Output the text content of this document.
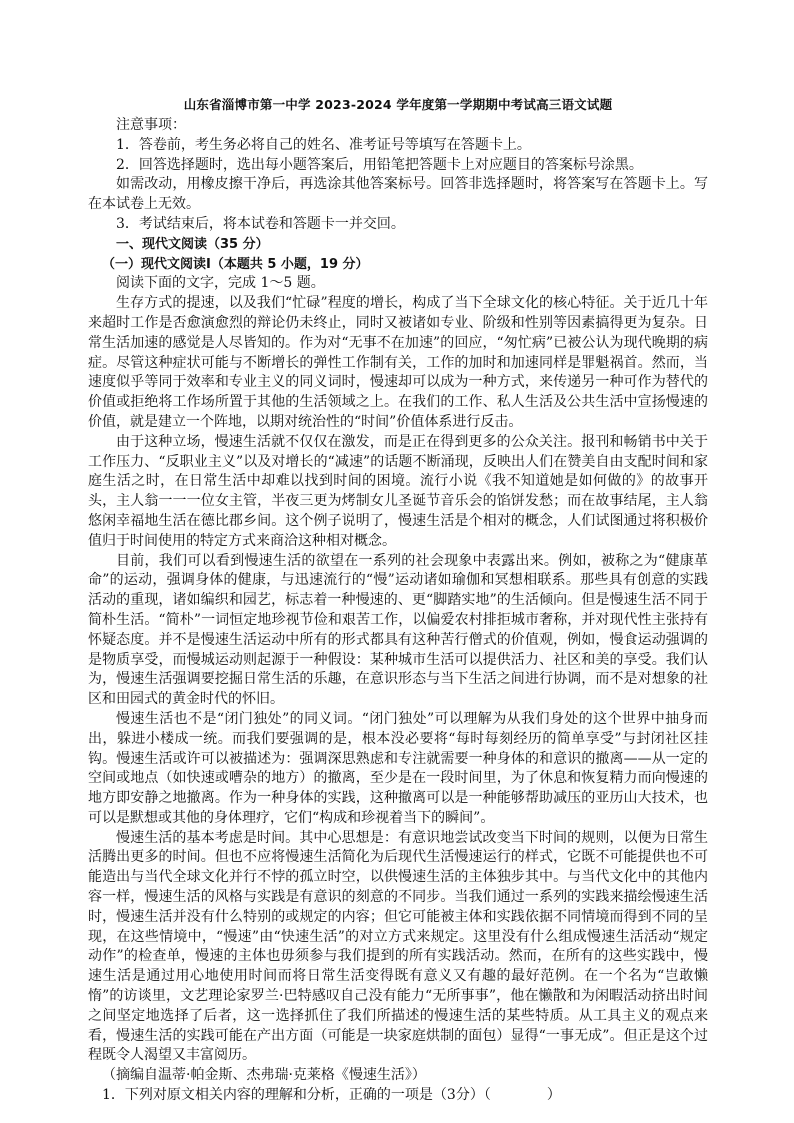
山东省淄博市第一中学 2023-2024 学年度第一学期期中考试高三语文试题

注意事项：

1．答卷前，考生务必将自己的姓名、准考证号等填写在答题卡上。

2．回答选择题时，选出每小题答案后，用铅笔把答题卡上对应题目的答案标号涂黑。

如需改动，用橡皮擦干净后，再选涂其他答案标号。回答非选择题时，将答案写在答题卡上。写在本试卷上无效。

3．考试结束后，将本试卷和答题卡一并交回。

一、现代文阅读（35 分）

（一）现代文阅读Ⅰ（本题共 5 小题，19 分）

阅读下面的文字，完成 1～5 题。

生存方式的提速，以及我们“忙碌”程度的增长，构成了当下全球文化的核心特征。关于近几十年来超时工作是否愈演愈烈的辩论仍未终止，同时又被诸如专业、阶级和性别等因素搞得更为复杂。日常生活加速的感觉是人尽皆知的。作为对“无事不在加速”的回应，“匆忙病”已被公认为现代晚期的病症。尽管这种症状可能与不断增长的弹性工作制有关，工作的加时和加速同样是罪魁祸首。然而，当速度似乎等同于效率和专业主义的同义词时，慢速却可以成为一种方式，来传递另一种可作为替代的价值或拒绝将工作场所置于其他的生活领域之上。在我们的工作、私人生活及公共生活中宣扬慢速的价值，就是建立一个阵地，以期对统治性的“时间”价值体系进行反击。

由于这种立场，慢速生活就不仅仅在激发，而是正在得到更多的公众关注。报刊和畅销书中关于工作压力、“反职业主义”以及对增长的“减速”的话题不断涌现，反映出人们在赞美自由支配时间和家庭生活之时，在日常生活中却难以找到时间的困境。流行小说《我不知道她是如何做的》的故事开头，主人翁一一一位女主管，半夜三更为烤制女儿圣诞节音乐会的馅饼发愁；而在故事结尾，主人翁悠闲幸福地生活在德比郡乡间。这个例子说明了，慢速生活是个相对的概念，人们试图通过将积极价值归于时间使用的特定方式来商洽这种相对概念。

目前，我们可以看到慢速生活的欲望在一系列的社会现象中表露出来。例如，被称之为“健康革命”的运动，强调身体的健康，与迅速流行的“慢”运动诸如瑜伽和冥想相联系。那些具有创意的实践活动的重现，诸如编织和园艺，标志着一种慢速的、更“脚踏实地”的生活倾向。但是慢速生活不同于简朴生活。“简朴”一词恒定地珍视节俭和艰苦工作，以偏爱农村排拒城市奢称，并对现代性主张持有怀疑态度。并不是慢速生活运动中所有的形式都具有这种苦行僧式的价值观，例如，慢食运动强调的是物质享受，而慢城运动则起源于一种假设：某种城市生活可以提供活力、社区和美的享受。我们认为，慢速生活强调要挖掘日常生活的乐趣，在意识形态与当下生活之间进行协调，而不是对想象的社区和田园式的黄金时代的怀旧。

慢速生活也不是“闭门独处”的同义词。“闭门独处”可以理解为从我们身处的这个世界中抽身而出，躲进小楼成一统。而我们要强调的是，根本没必要将“每时每刻经历的简单享受”与封闭社区挂钩。慢速生活或许可以被描述为：强调深思熟虑和专注就需要一种身体的和意识的撤离——从一定的空间或地点（如快速或嘈杂的地方）的撤离，至少是在一段时间里，为了休息和恢复精力而向慢速的地方即安静之地撤离。作为一种身体的实践，这种撤离可以是一种能够帮助减压的亚历山大技术，也可以是默想或其他的身体理疗，它们“构成和珍视着当下的瞬间”。

慢速生活的基本考虑是时间。其中心思想是：有意识地尝试改变当下时间的规则，以便为日常生活腾出更多的时间。但也不应将慢速生活简化为后现代生活慢速运行的样式，它既不可能提供也不可能造出与当代全球文化并行不悖的孤立时空，以供慢速生活的主体独步其中。与当代文化中的其他内容一样，慢速生活的风格与实践是有意识的刻意的不同步。当我们通过一系列的实践来描绘慢速生活时，慢速生活并没有什么特别的或规定的内容；但它可能被主体和实践依据不同情境而得到不同的呈现，在这些情境中，“慢速”由“快速生活”的对立方式来规定。这里没有什么组成慢速生活活动“规定动作”的检查单，慢速的主体也毋须参与我们提到的所有实践活动。然而，在所有的这些实践中，慢速生活是通过用心地使用时间而将日常生活变得既有意义又有趣的最好范例。在一个名为“岂敢懒惰”的访谈里，文艺理论家罗兰·巴特感叹自己没有能力“无所事事”，他在懒散和为闲暇活动挤出时间之间坚定地选择了后者，这一选择抓住了我们所描述的慢速生活的某些特质。从工具主义的观点来看，慢速生活的实践可能在产出方面（可能是一块家庭烘制的面包）显得“一事无成”。但正是这个过程既令人渴望又丰富阅历。

（摘编自温蒂·帕金斯、杰弗瑞·克莱格《慢速生活》）

1．下列对原文相关内容的理解和分析，正确的一项是（3分）（　　　　）
